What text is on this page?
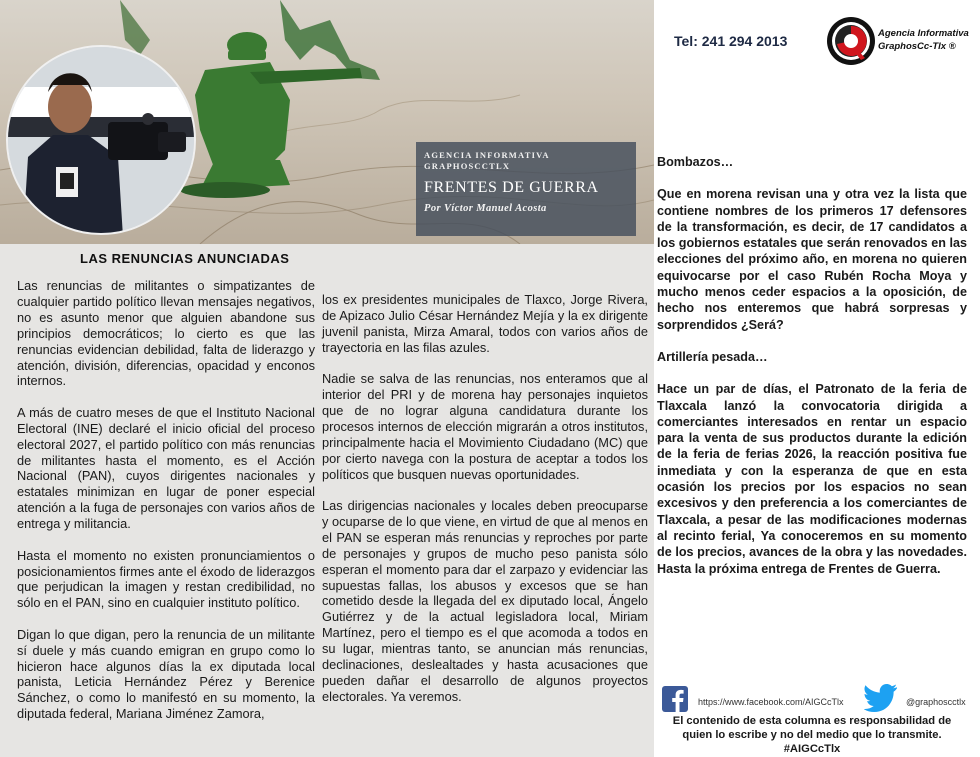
AGENCIA INFORMATIVA GRAPHOSCCTLX
FRENTES DE GUERRA
Por Víctor Manuel Acosta
LAS RENUNCIAS ANUNCIADAS

Las renuncias de militantes o simpatizantes de cualquier partido político llevan mensajes negativos, no es asunto menor que alguien abandone sus principios democráticos; lo cierto es que las renuncias evidencian debilidad, falta de liderazgo y atención, división, diferencias, opacidad y enconos internos.

A más de cuatro meses de que el Instituto Nacional Electoral (INE) declaré el inicio oficial del proceso electoral 2027, el partido político con más renuncias de militantes hasta el momento, es el Acción Nacional (PAN), cuyos dirigentes nacionales y estatales minimizan en lugar de poner especial atención a la fuga de personajes con varios años de entrega y militancia.

Hasta el momento no existen pronunciamientos o posicionamientos firmes ante el éxodo de liderazgos que perjudican la imagen y restan credibilidad, no sólo en el PAN, sino en cualquier instituto político.

Digan lo que digan, pero la renuncia de un militante sí duele y más cuando emigran en grupo como lo hicieron hace algunos días la ex diputada local panista, Leticia Hernández Pérez y Berenice Sánchez, o como lo manifestó en su momento, la diputada federal, Mariana Jiménez Zamora,

los ex presidentes municipales de Tlaxco, Jorge Rivera, de Apizaco Julio César Hernández Mejía y la ex dirigente juvenil panista, Mirza Amaral, todos con varios años de trayectoria en las filas azules.

Nadie se salva de las renuncias, nos enteramos que al interior del PRI y de morena hay personajes inquietos que de no lograr alguna candidatura durante los procesos internos de elección migrarán a otros institutos, principalmente hacia el Movimiento Ciudadano (MC) que por cierto navega con la postura de aceptar a todos los políticos que busquen nuevas oportunidades.

Las dirigencias nacionales y locales deben preocuparse y ocuparse de lo que viene, en virtud de que al menos en el PAN se esperan más renuncias y reproches por parte de personajes y grupos de mucho peso panista sólo esperan el momento para dar el zarpazo y evidenciar las supuestas fallas, los abusos y excesos que se han cometido desde la llegada del ex diputado local, Ángelo Gutiérrez y de la actual legisladora local, Miriam Martínez, pero el tiempo es el que acomoda a todos en su lugar, mientras tanto, se anuncian más renuncias, declinaciones, deslealtades y hasta acusaciones que pueden dañar el desarrollo de algunos proyectos electorales. Ya veremos.

Tel: 241 294 2013	Agencia Informativa
GraphosCc-Tlx ®

Bombazos…

Que en morena revisan una y otra vez la lista que contiene nombres de los primeros 17 defensores de la transformación, es decir, de 17 candidatos a los gobiernos estatales que serán renovados en las elecciones del próximo año, en morena no quieren equivocarse por el caso Rubén Rocha Moya y mucho menos ceder espacios a la oposición, de hecho nos enteremos que habrá sorpresas y sorprendidos ¿Será?

Artillería pesada…

Hace un par de días, el Patronato de la feria de Tlaxcala lanzó la convocatoria dirigida a comerciantes interesados en rentar un espacio para la venta de sus productos durante la edición de la feria de ferias 2026, la reacción positiva fue inmediata y con la esperanza de que en esta ocasión los precios por los espacios no sean excesivos y den preferencia a los comerciantes de Tlaxcala, a pesar de las modificaciones modernas al recinto ferial, Ya conoceremos en su momento de los precios, avances de la obra y las novedades. Hasta la próxima entrega de Frentes de Guerra.

https://www.facebook.com/AIGCcTlx	@graphoscctlx
El contenido de esta columna es responsabilidad de quien lo escribe y no del medio que lo transmite. #AIGCcTlx
